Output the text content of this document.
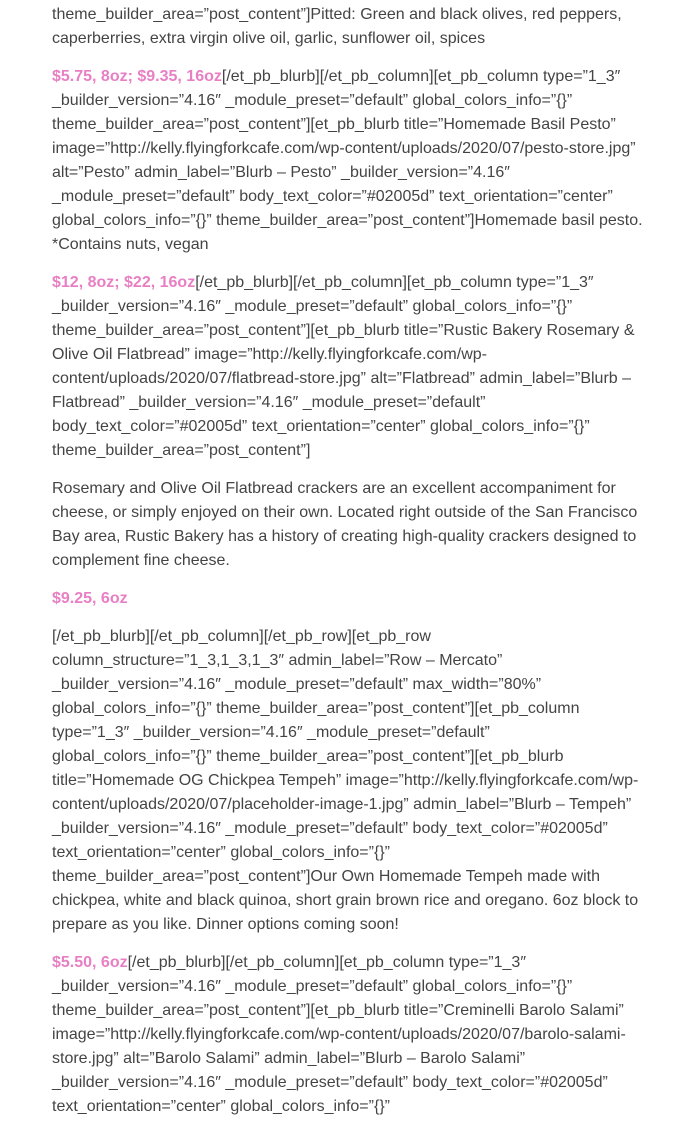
theme_builder_area=”post_content”]Pitted: Green and black olives, red peppers, caperberries, extra virgin olive oil, garlic, sunflower oil, spices

$5.75, 8oz; $9.35, 16oz[/et_pb_blurb][/et_pb_column][et_pb_column type=”1_3″ _builder_version=”4.16″ _module_preset=”default” global_colors_info=”{}” theme_builder_area=”post_content”][et_pb_blurb title=”Homemade Basil Pesto” image=”http://kelly.flyingforkcafe.com/wp-content/uploads/2020/07/pesto-store.jpg” alt=”Pesto” admin_label=”Blurb – Pesto” _builder_version=”4.16″ _module_preset=”default” body_text_color=”#02005d” text_orientation=”center” global_colors_info=”{}” theme_builder_area=”post_content”]Homemade basil pesto. *Contains nuts, vegan

$12, 8oz; $22, 16oz[/et_pb_blurb][/et_pb_column][et_pb_column type=”1_3″ _builder_version=”4.16″ _module_preset=”default” global_colors_info=”{}” theme_builder_area=”post_content”][et_pb_blurb title=”Rustic Bakery Rosemary & Olive Oil Flatbread” image=”http://kelly.flyingforkcafe.com/wp-content/uploads/2020/07/flatbread-store.jpg” alt=”Flatbread” admin_label=”Blurb – Flatbread” _builder_version=”4.16″ _module_preset=”default” body_text_color=”#02005d” text_orientation=”center” global_colors_info=”{}” theme_builder_area=”post_content”]

Rosemary and Olive Oil Flatbread crackers are an excellent accompaniment for cheese, or simply enjoyed on their own. Located right outside of the San Francisco Bay area, Rustic Bakery has a history of creating high-quality crackers designed to complement fine cheese.

$9.25, 6oz

[/et_pb_blurb][/et_pb_column][/et_pb_row][et_pb_row column_structure=”1_3,1_3,1_3″ admin_label=”Row – Mercato” _builder_version=”4.16″ _module_preset=”default” max_width=”80%” global_colors_info=”{}” theme_builder_area=”post_content”][et_pb_column type=”1_3″ _builder_version=”4.16″ _module_preset=”default” global_colors_info=”{}” theme_builder_area=”post_content”][et_pb_blurb title=”Homemade OG Chickpea Tempeh” image=”http://kelly.flyingforkcafe.com/wp-content/uploads/2020/07/placeholder-image-1.jpg” admin_label=”Blurb – Tempeh” _builder_version=”4.16″ _module_preset=”default” body_text_color=”#02005d” text_orientation=”center” global_colors_info=”{}” theme_builder_area=”post_content”]Our Own Homemade Tempeh made with chickpea, white and black quinoa, short grain brown rice and oregano. 6oz block to prepare as you like. Dinner options coming soon!

$5.50, 6oz[/et_pb_blurb][/et_pb_column][et_pb_column type=”1_3″ _builder_version=”4.16″ _module_preset=”default” global_colors_info=”{}” theme_builder_area=”post_content”][et_pb_blurb title=”Creminelli Barolo Salami” image=”http://kelly.flyingforkcafe.com/wp-content/uploads/2020/07/barolo-salami-store.jpg” alt=”Barolo Salami” admin_label=”Blurb – Barolo Salami” _builder_version=”4.16″ _module_preset=”default” body_text_color=”#02005d” text_orientation=”center” global_colors_info=”{}”
